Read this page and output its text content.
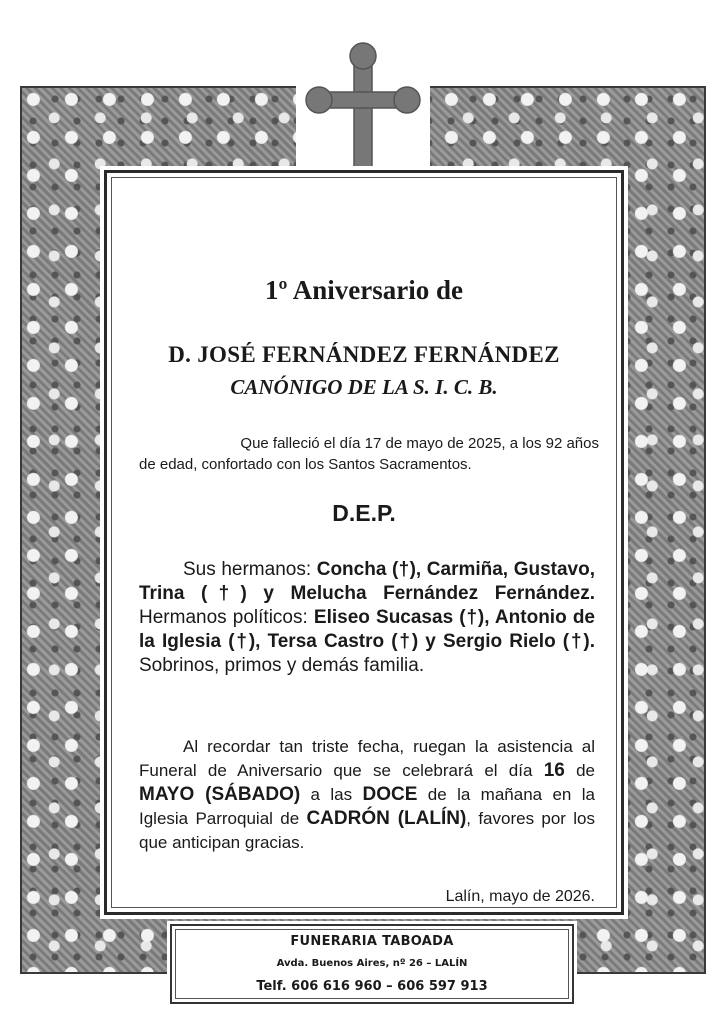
1º Aniversario de
D. JOSÉ FERNÁNDEZ FERNÁNDEZ
CANÓNIGO DE LA S. I. C. B.
Que falleció el día 17 de mayo de 2025, a los 92 años
de edad, confortado con los Santos Sacramentos.
D.E.P.
Sus hermanos: Concha (†), Carmiña, Gustavo, Trina (†) y Melucha Fernández Fernández. Hermanos políticos: Eliseo Sucasas (†), Antonio de la Iglesia (†), Tersa Castro (†) y Sergio Rielo (†). Sobrinos, primos y demás familia.
Al recordar tan triste fecha, ruegan la asistencia al Funeral de Aniversario que se celebrará el día 16 de MAYO (SÁBADO) a las DOCE de la mañana en la Iglesia Parroquial de CADRÓN (LALÍN), favores por los que anticipan gracias.
Lalín, mayo de 2026.
FUNERARIA TABOADA
Avda. Buenos Aires, nº 26 – LALÍN
Telf. 606 616 960 – 606 597 913
